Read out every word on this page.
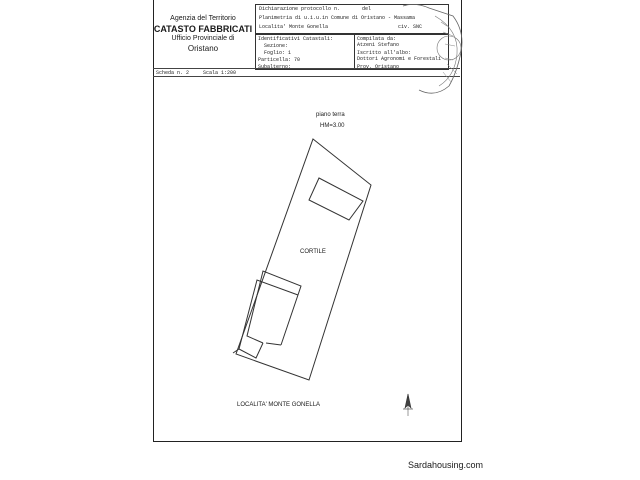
Agenzia del Territorio
CATASTO FABBRICATI
Ufficio Provinciale di
Oristano
Dichiarazione protocollo n.	del
Planimetria di u.i.u.in Comune di Oristano - Massama
Localita' Monte Gonella	civ. SNC
Identificativi Catastali:
Sezione:
Foglio: 1
Particella: 70
Subalterno:
Compilata da:
Atzeni Stefano
Iscritto all'albo:
Dottori Agronomi e Forestali
Prov. Oristano
Scheda n. 2	Scala 1:200
piano terra
HM=3.00
CORTILE
LOCALITA' MONTE GONELLA
Sardahousing.com
